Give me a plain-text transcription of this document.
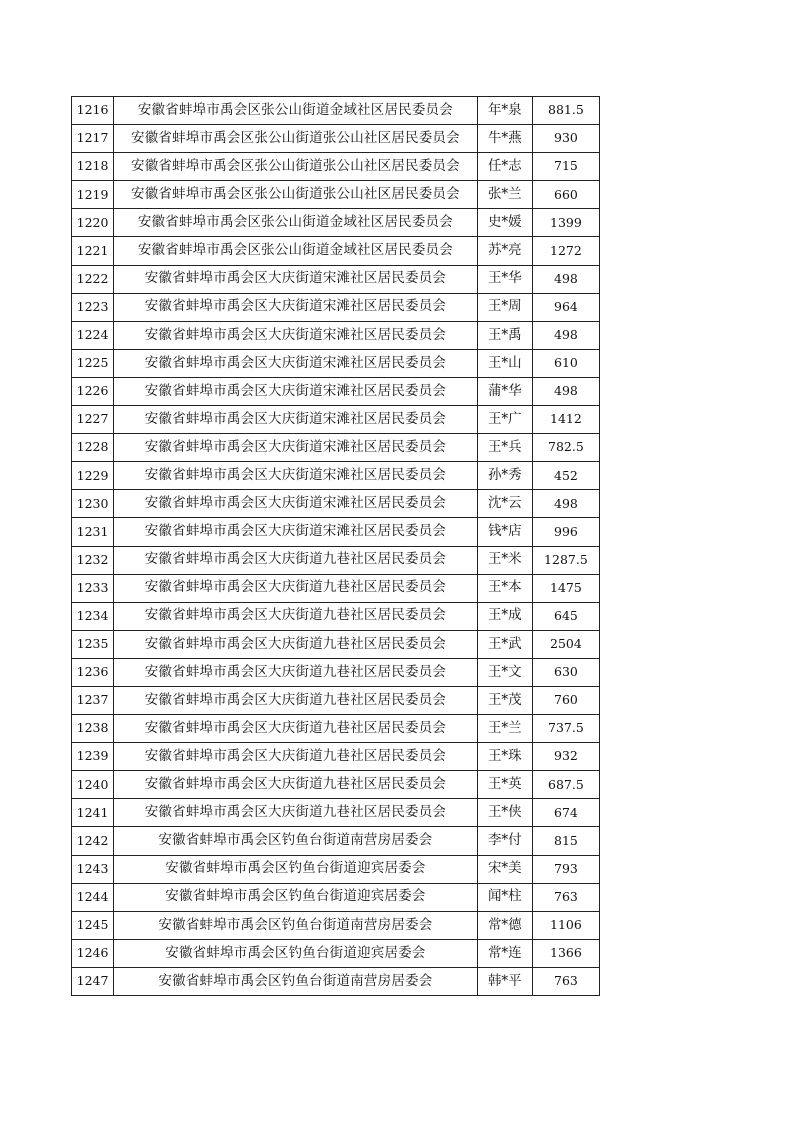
1216	安徽省蚌埠市禹会区张公山街道金域社区居民委员会	年*泉	881.5
1217	安徽省蚌埠市禹会区张公山街道张公山社区居民委员会	牛*燕	930
1218	安徽省蚌埠市禹会区张公山街道张公山社区居民委员会	任*志	715
1219	安徽省蚌埠市禹会区张公山街道张公山社区居民委员会	张*兰	660
1220	安徽省蚌埠市禹会区张公山街道金域社区居民委员会	史*媛	1399
1221	安徽省蚌埠市禹会区张公山街道金域社区居民委员会	苏*亮	1272
1222	安徽省蚌埠市禹会区大庆街道宋滩社区居民委员会	王*华	498
1223	安徽省蚌埠市禹会区大庆街道宋滩社区居民委员会	王*周	964
1224	安徽省蚌埠市禹会区大庆街道宋滩社区居民委员会	王*禹	498
1225	安徽省蚌埠市禹会区大庆街道宋滩社区居民委员会	王*山	610
1226	安徽省蚌埠市禹会区大庆街道宋滩社区居民委员会	蒲*华	498
1227	安徽省蚌埠市禹会区大庆街道宋滩社区居民委员会	王*广	1412
1228	安徽省蚌埠市禹会区大庆街道宋滩社区居民委员会	王*兵	782.5
1229	安徽省蚌埠市禹会区大庆街道宋滩社区居民委员会	孙*秀	452
1230	安徽省蚌埠市禹会区大庆街道宋滩社区居民委员会	沈*云	498
1231	安徽省蚌埠市禹会区大庆街道宋滩社区居民委员会	钱*店	996
1232	安徽省蚌埠市禹会区大庆街道九巷社区居民委员会	王*米	1287.5
1233	安徽省蚌埠市禹会区大庆街道九巷社区居民委员会	王*本	1475
1234	安徽省蚌埠市禹会区大庆街道九巷社区居民委员会	王*成	645
1235	安徽省蚌埠市禹会区大庆街道九巷社区居民委员会	王*武	2504
1236	安徽省蚌埠市禹会区大庆街道九巷社区居民委员会	王*文	630
1237	安徽省蚌埠市禹会区大庆街道九巷社区居民委员会	王*茂	760
1238	安徽省蚌埠市禹会区大庆街道九巷社区居民委员会	王*兰	737.5
1239	安徽省蚌埠市禹会区大庆街道九巷社区居民委员会	王*珠	932
1240	安徽省蚌埠市禹会区大庆街道九巷社区居民委员会	王*英	687.5
1241	安徽省蚌埠市禹会区大庆街道九巷社区居民委员会	王*侠	674
1242	安徽省蚌埠市禹会区钓鱼台街道南营房居委会	李*付	815
1243	安徽省蚌埠市禹会区钓鱼台街道迎宾居委会	宋*美	793
1244	安徽省蚌埠市禹会区钓鱼台街道迎宾居委会	闻*柱	763
1245	安徽省蚌埠市禹会区钓鱼台街道南营房居委会	常*德	1106
1246	安徽省蚌埠市禹会区钓鱼台街道迎宾居委会	常*连	1366
1247	安徽省蚌埠市禹会区钓鱼台街道南营房居委会	韩*平	763
